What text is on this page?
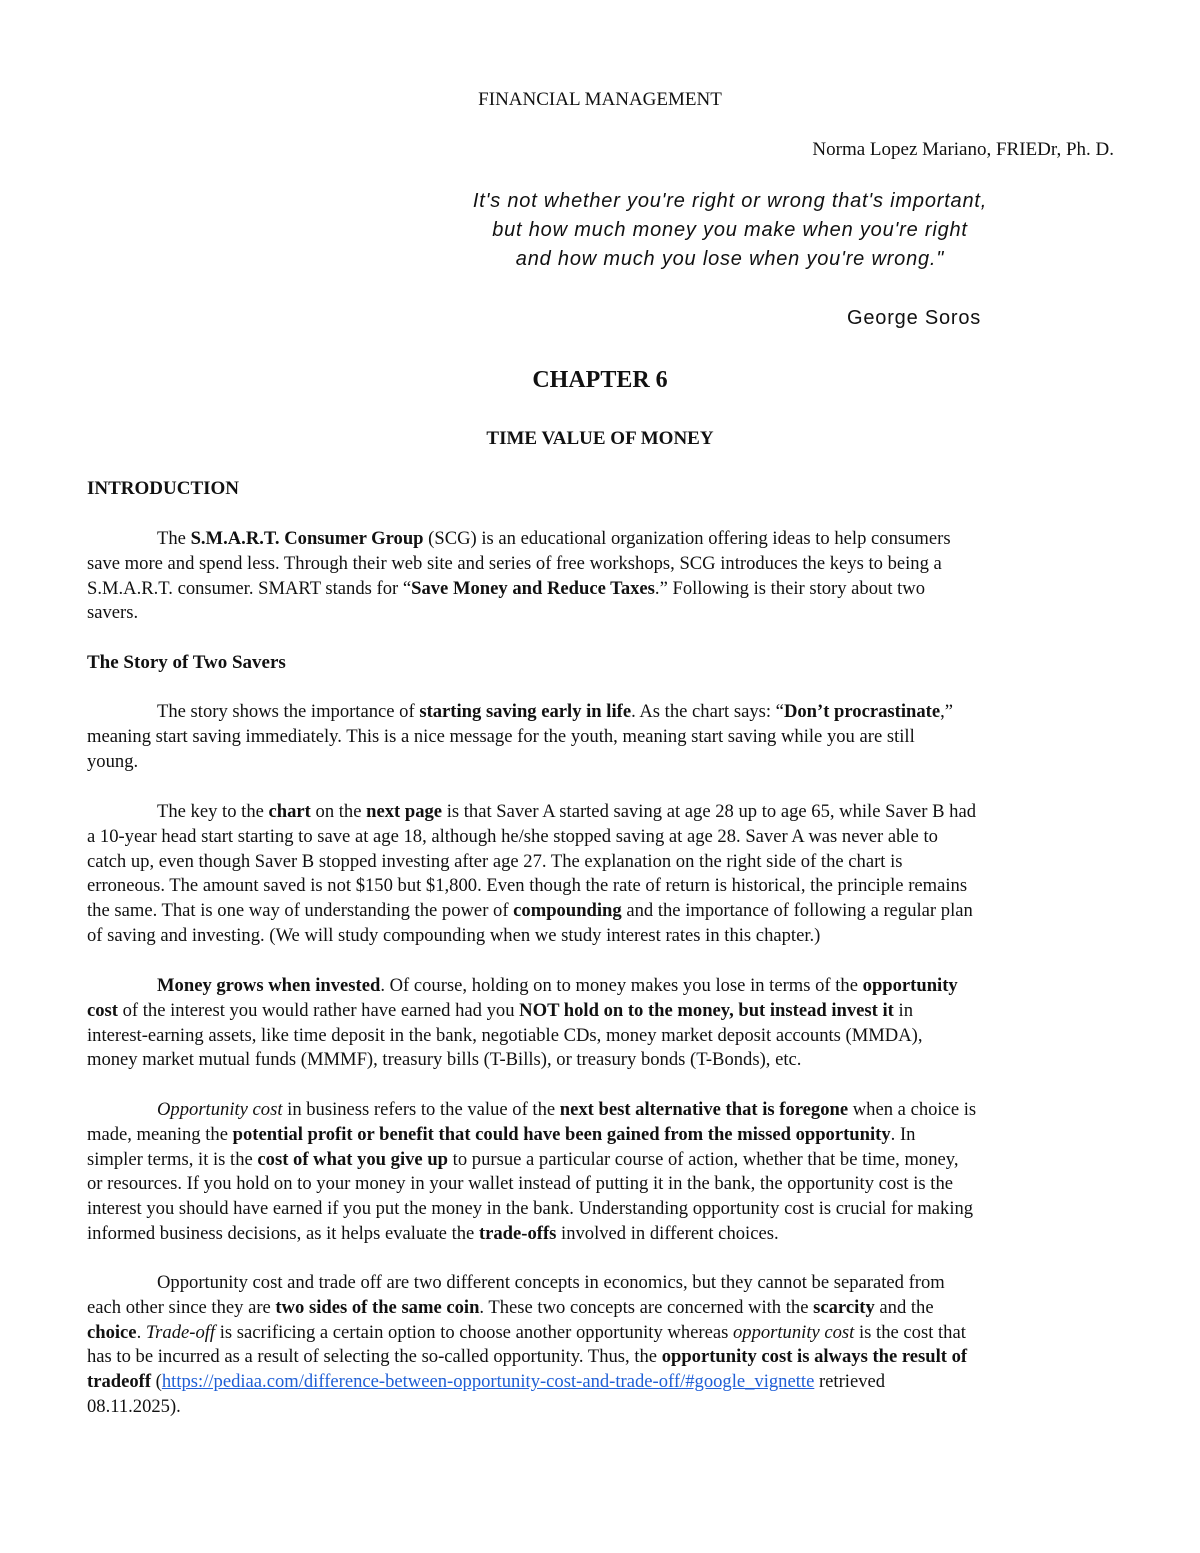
FINANCIAL MANAGEMENT
Norma Lopez Mariano, FRIEDr, Ph. D.
It's not whether you're right or wrong that's important,
but how much money you make when you're right
and how much you lose when you're wrong."
George Soros
CHAPTER 6
TIME VALUE OF MONEY
INTRODUCTION
The S.M.A.R.T. Consumer Group (SCG) is an educational organization offering ideas to help consumers
save more and spend less. Through their web site and series of free workshops, SCG introduces the keys to being a
S.M.A.R.T. consumer. SMART stands for “Save Money and Reduce Taxes.” Following is their story about two
savers.
The Story of Two Savers
The story shows the importance of starting saving early in life. As the chart says: “Don’t procrastinate,”
meaning start saving immediately. This is a nice message for the youth, meaning start saving while you are still
young.
The key to the chart on the next page is that Saver A started saving at age 28 up to age 65, while Saver B had
a 10-year head start starting to save at age 18, although he/she stopped saving at age 28. Saver A was never able to
catch up, even though Saver B stopped investing after age 27. The explanation on the right side of the chart is
erroneous. The amount saved is not $150 but $1,800. Even though the rate of return is historical, the principle remains
the same. That is one way of understanding the power of compounding and the importance of following a regular plan
of saving and investing. (We will study compounding when we study interest rates in this chapter.)
Money grows when invested. Of course, holding on to money makes you lose in terms of the opportunity
cost of the interest you would rather have earned had you NOT hold on to the money, but instead invest it in
interest-earning assets, like time deposit in the bank, negotiable CDs, money market deposit accounts (MMDA),
money market mutual funds (MMMF), treasury bills (T-Bills), or treasury bonds (T-Bonds), etc.
Opportunity cost in business refers to the value of the next best alternative that is foregone when a choice is
made, meaning the potential profit or benefit that could have been gained from the missed opportunity. In
simpler terms, it is the cost of what you give up to pursue a particular course of action, whether that be time, money,
or resources. If you hold on to your money in your wallet instead of putting it in the bank, the opportunity cost is the
interest you should have earned if you put the money in the bank. Understanding opportunity cost is crucial for making
informed business decisions, as it helps evaluate the trade-offs involved in different choices.
Opportunity cost and trade off are two different concepts in economics, but they cannot be separated from
each other since they are two sides of the same coin. These two concepts are concerned with the scarcity and the
choice. Trade-off is sacrificing a certain option to choose another opportunity whereas opportunity cost is the cost that
has to be incurred as a result of selecting the so-called opportunity. Thus, the opportunity cost is always the result of
tradeoff (https://pediaa.com/difference-between-opportunity-cost-and-trade-off/#google_vignette retrieved
08.11.2025).
